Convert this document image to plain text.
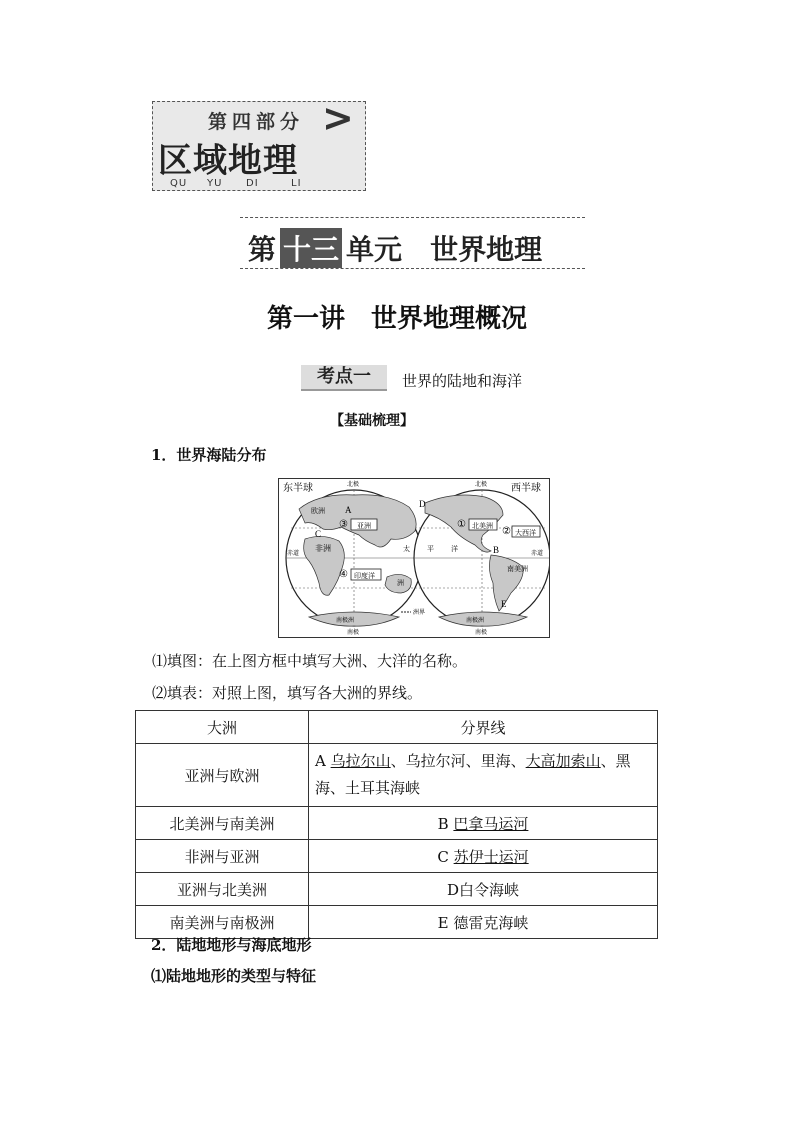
第四部分 >
区域地理
QU YU DI	LI
第 十三 单元　 世界地理
第一讲　世界地理概况
考点一	世界的陆地和海洋
【基础梳理】
1．世界海陆分布
东半球	西半球
北极	北极
南极	南极
赤道	赤道
欧洲
非洲
洲
南美洲
南极洲
南极洲
太 平 洋
③ 亚洲
④ 印度洋
① 北美洲 ② 大西洋
A
B
C
D
E
洲界
⑴填图：在上图方框中填写大洲、大洋的名称。
⑵填表：对照上图，填写各大洲的界线。
大洲	分界线
亚洲与欧洲	A 乌拉尔山、乌拉尔河、里海、大高加索山、黑海、土耳其海峡
北美洲与南美洲	B 巴拿马运河
非洲与亚洲	C 苏伊士运河
亚洲与北美洲	D白令海峡
南美洲与南极洲	E 德雷克海峡
2．陆地地形与海底地形
⑴陆地地形的类型与特征
